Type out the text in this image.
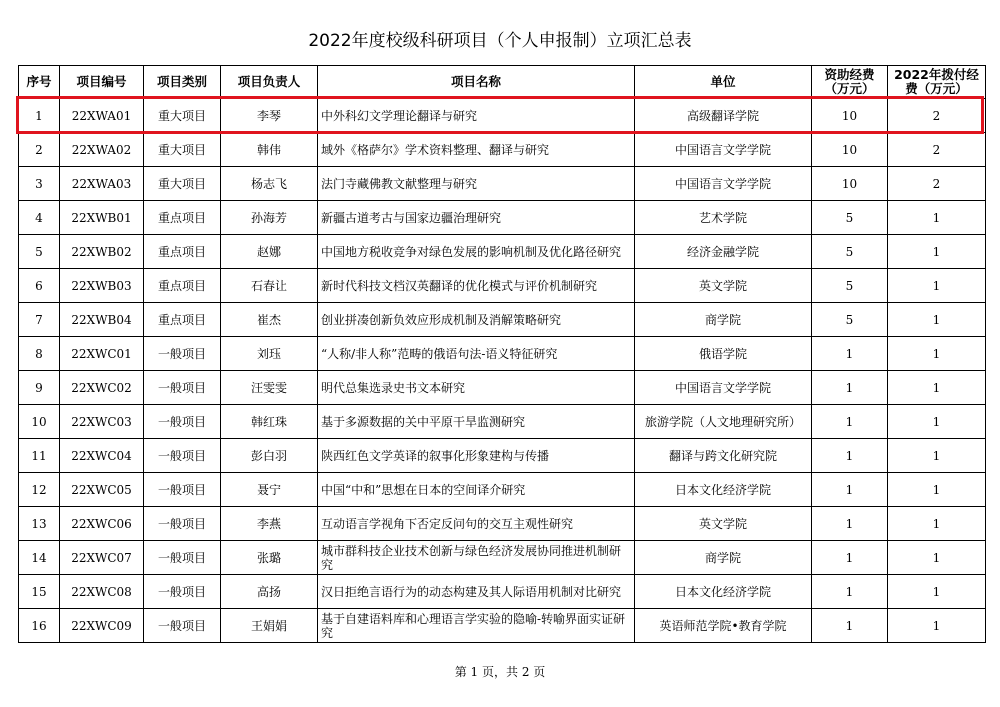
2022年度校级科研项目（个人申报制）立项汇总表
序号	项目编号	项目类别	项目负责人	项目名称	单位	资助经费（万元）	2022年拨付经费（万元）
1	22XWA01	重大项目	李琴	中外科幻文学理论翻译与研究	高级翻译学院	10	2
2	22XWA02	重大项目	韩伟	域外《格萨尔》学术资料整理、翻译与研究	中国语言文学学院	10	2
3	22XWA03	重大项目	杨志飞	法门寺藏佛教文献整理与研究	中国语言文学学院	10	2
4	22XWB01	重点项目	孙海芳	新疆古道考古与国家边疆治理研究	艺术学院	5	1
5	22XWB02	重点项目	赵娜	中国地方税收竞争对绿色发展的影响机制及优化路径研究	经济金融学院	5	1
6	22XWB03	重点项目	石春让	新时代科技文档汉英翻译的优化模式与评价机制研究	英文学院	5	1
7	22XWB04	重点项目	崔杰	创业拼凑创新负效应形成机制及消解策略研究	商学院	5	1
8	22XWC01	一般项目	刘珏	“人称/非人称”范畴的俄语句法-语义特征研究	俄语学院	1	1
9	22XWC02	一般项目	汪雯雯	明代总集选录史书文本研究	中国语言文学学院	1	1
10	22XWC03	一般项目	韩红珠	基于多源数据的关中平原干旱监测研究	旅游学院（人文地理研究所）	1	1
11	22XWC04	一般项目	彭白羽	陕西红色文学英译的叙事化形象建构与传播	翻译与跨文化研究院	1	1
12	22XWC05	一般项目	聂宁	中国“中和”思想在日本的空间译介研究	日本文化经济学院	1	1
13	22XWC06	一般项目	李燕	互动语言学视角下否定反问句的交互主观性研究	英文学院	1	1
14	22XWC07	一般项目	张璐	城市群科技企业技术创新与绿色经济发展协同推进机制研究	商学院	1	1
15	22XWC08	一般项目	高扬	汉日拒绝言语行为的动态构建及其人际语用机制对比研究	日本文化经济学院	1	1
16	22XWC09	一般项目	王娟娟	基于自建语料库和心理语言学实验的隐喻-转喻界面实证研究	英语师范学院•教育学院	1	1
第 1 页，共 2 页
